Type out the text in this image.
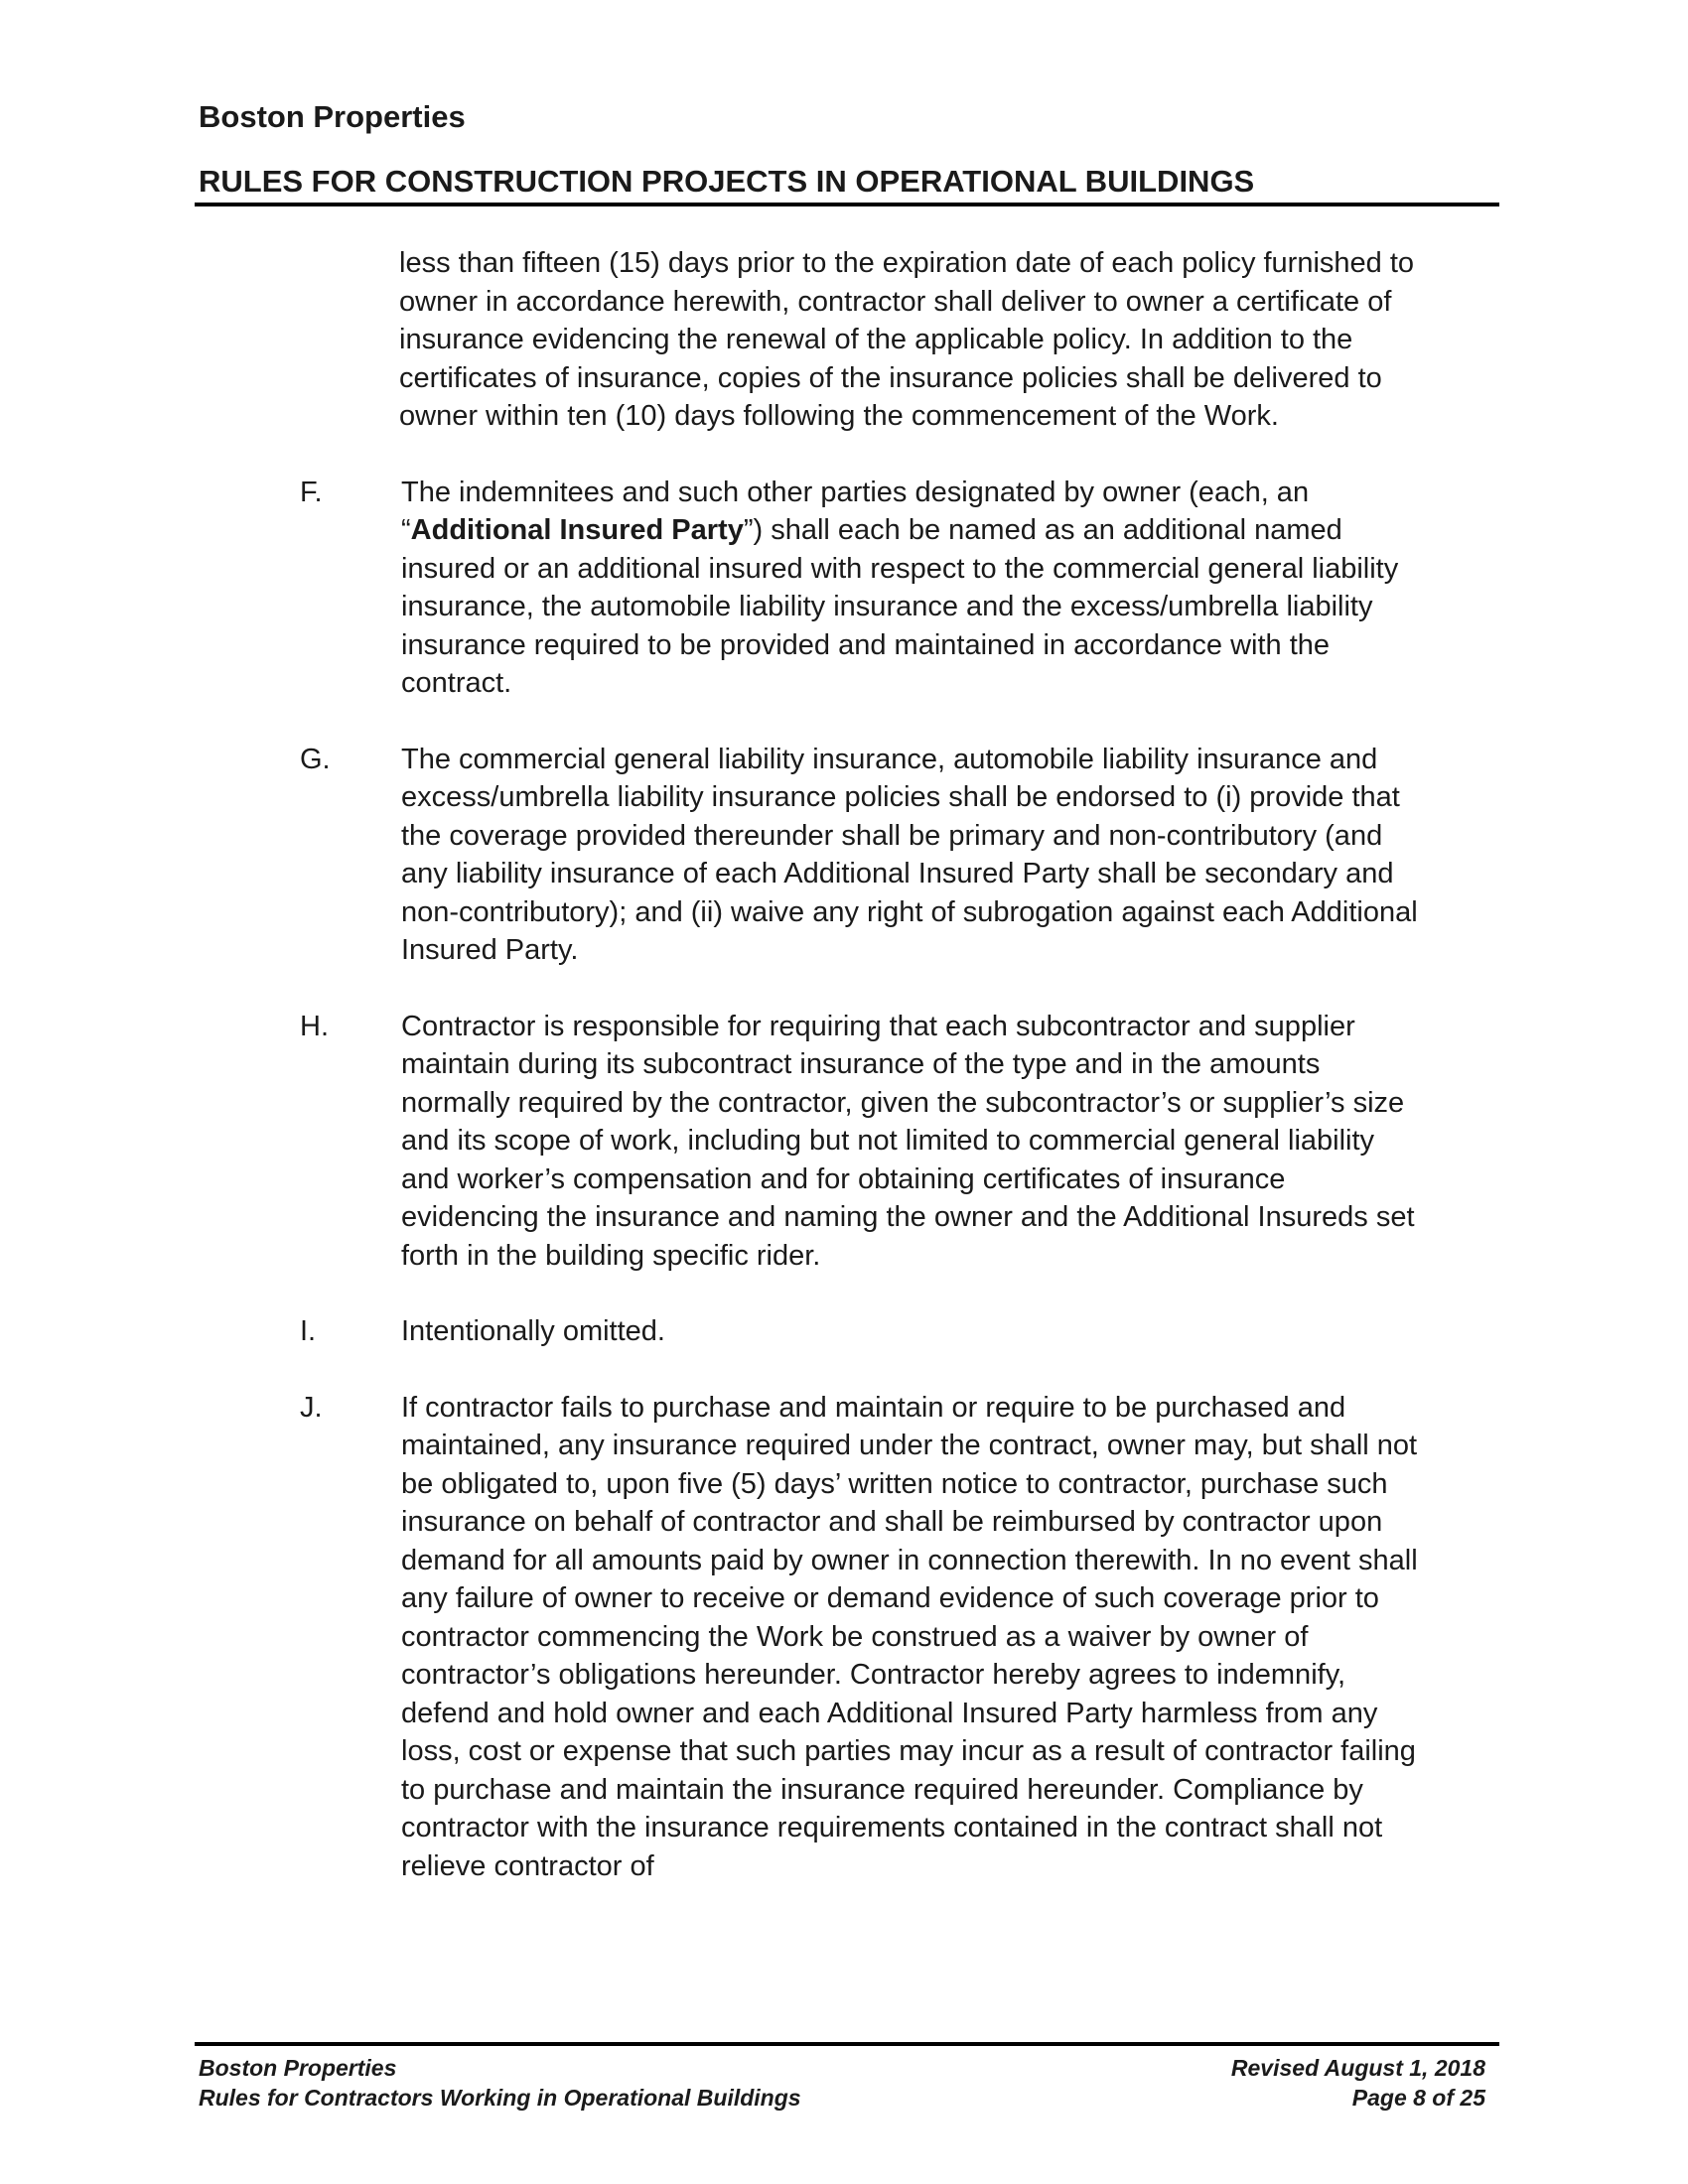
Boston Properties
RULES FOR CONSTRUCTION PROJECTS IN OPERATIONAL BUILDINGS
less than fifteen (15) days prior to the expiration date of each policy furnished to owner in accordance herewith, contractor shall deliver to owner a certificate of insurance evidencing the renewal of the applicable policy. In addition to the certificates of insurance, copies of the insurance policies shall be delivered to owner within ten (10) days following the commencement of the Work.
F.	The indemnitees and such other parties designated by owner (each, an “Additional Insured Party”) shall each be named as an additional named insured or an additional insured with respect to the commercial general liability insurance, the automobile liability insurance and the excess/umbrella liability insurance required to be provided and maintained in accordance with the contract.
G.	The commercial general liability insurance, automobile liability insurance and excess/umbrella liability insurance policies shall be endorsed to (i) provide that the coverage provided thereunder shall be primary and non-contributory (and any liability insurance of each Additional Insured Party shall be secondary and non-contributory); and (ii) waive any right of subrogation against each Additional Insured Party.
H.	Contractor is responsible for requiring that each subcontractor and supplier maintain during its subcontract insurance of the type and in the amounts normally required by the contractor, given the subcontractor’s or supplier’s size and its scope of work, including but not limited to commercial general liability and worker’s compensation and for obtaining certificates of insurance evidencing the insurance and naming the owner and the Additional Insureds set forth in the building specific rider.
I.	Intentionally omitted.
J.	If contractor fails to purchase and maintain or require to be purchased and maintained, any insurance required under the contract, owner may, but shall not be obligated to, upon five (5) days’ written notice to contractor, purchase such insurance on behalf of contractor and shall be reimbursed by contractor upon demand for all amounts paid by owner in connection therewith. In no event shall any failure of owner to receive or demand evidence of such coverage prior to contractor commencing the Work be construed as a waiver by owner of contractor’s obligations hereunder. Contractor hereby agrees to indemnify, defend and hold owner and each Additional Insured Party harmless from any loss, cost or expense that such parties may incur as a result of contractor failing to purchase and maintain the insurance required hereunder. Compliance by contractor with the insurance requirements contained in the contract shall not relieve contractor of
Boston Properties
Rules for Contractors Working in Operational Buildings
Revised August 1, 2018
Page 8 of 25
